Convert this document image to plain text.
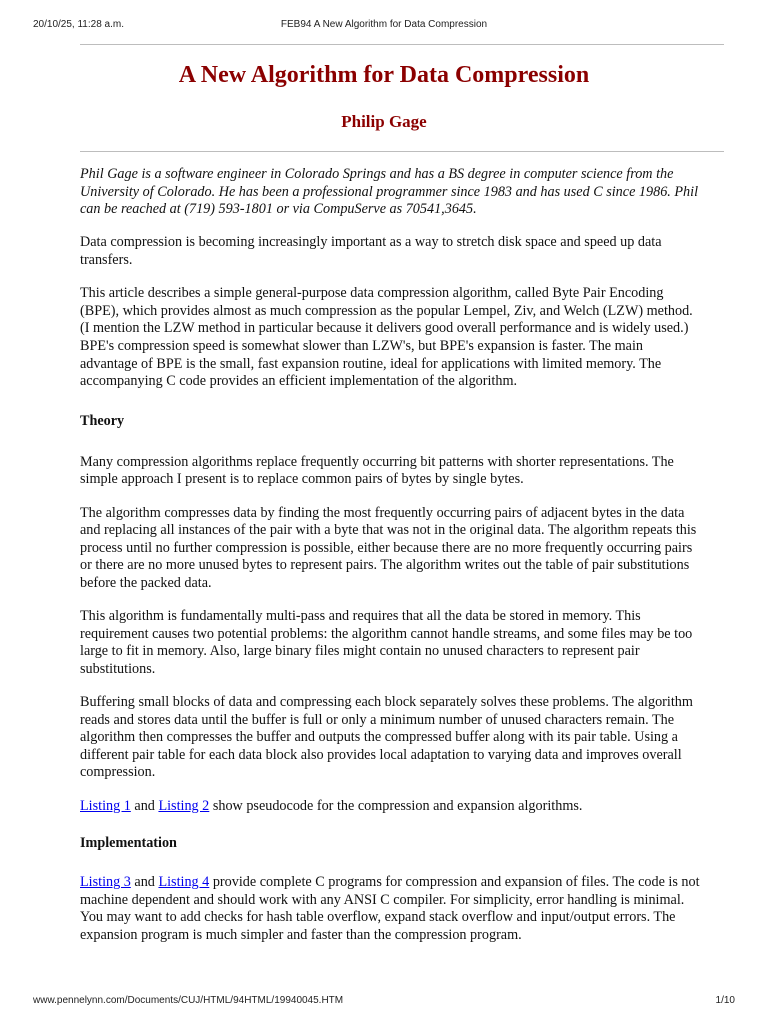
20/10/25, 11:28 a.m.	FEB94 A New Algorithm for Data Compression
A New Algorithm for Data Compression
Philip Gage

Phil Gage is a software engineer in Colorado Springs and has a BS degree in computer science from the University of Colorado. He has been a professional programmer since 1983 and has used C since 1986. Phil can be reached at (719) 593-1801 or via CompuServe as 70541,3645.

Data compression is becoming increasingly important as a way to stretch disk space and speed up data transfers.

This article describes a simple general-purpose data compression algorithm, called Byte Pair Encoding (BPE), which provides almost as much compression as the popular Lempel, Ziv, and Welch (LZW) method. (I mention the LZW method in particular because it delivers good overall performance and is widely used.) BPE's compression speed is somewhat slower than LZW's, but BPE's expansion is faster. The main advantage of BPE is the small, fast expansion routine, ideal for applications with limited memory. The accompanying C code provides an efficient implementation of the algorithm.

Theory

Many compression algorithms replace frequently occurring bit patterns with shorter representations. The simple approach I present is to replace common pairs of bytes by single bytes.

The algorithm compresses data by finding the most frequently occurring pairs of adjacent bytes in the data and replacing all instances of the pair with a byte that was not in the original data. The algorithm repeats this process until no further compression is possible, either because there are no more frequently occurring pairs or there are no more unused bytes to represent pairs. The algorithm writes out the table of pair substitutions before the packed data.

This algorithm is fundamentally multi-pass and requires that all the data be stored in memory. This requirement causes two potential problems: the algorithm cannot handle streams, and some files may be too large to fit in memory. Also, large binary files might contain no unused characters to represent pair substitutions.

Buffering small blocks of data and compressing each block separately solves these problems. The algorithm reads and stores data until the buffer is full or only a minimum number of unused characters remain. The algorithm then compresses the buffer and outputs the compressed buffer along with its pair table. Using a different pair table for each data block also provides local adaptation to varying data and improves overall compression.

Listing 1 and Listing 2 show pseudocode for the compression and expansion algorithms.

Implementation

Listing 3 and Listing 4 provide complete C programs for compression and expansion of files. The code is not machine dependent and should work with any ANSI C compiler. For simplicity, error handling is minimal. You may want to add checks for hash table overflow, expand stack overflow and input/output errors. The expansion program is much simpler and faster than the compression program.

www.pennelynn.com/Documents/CUJ/HTML/94HTML/19940045.HTM	1/10
